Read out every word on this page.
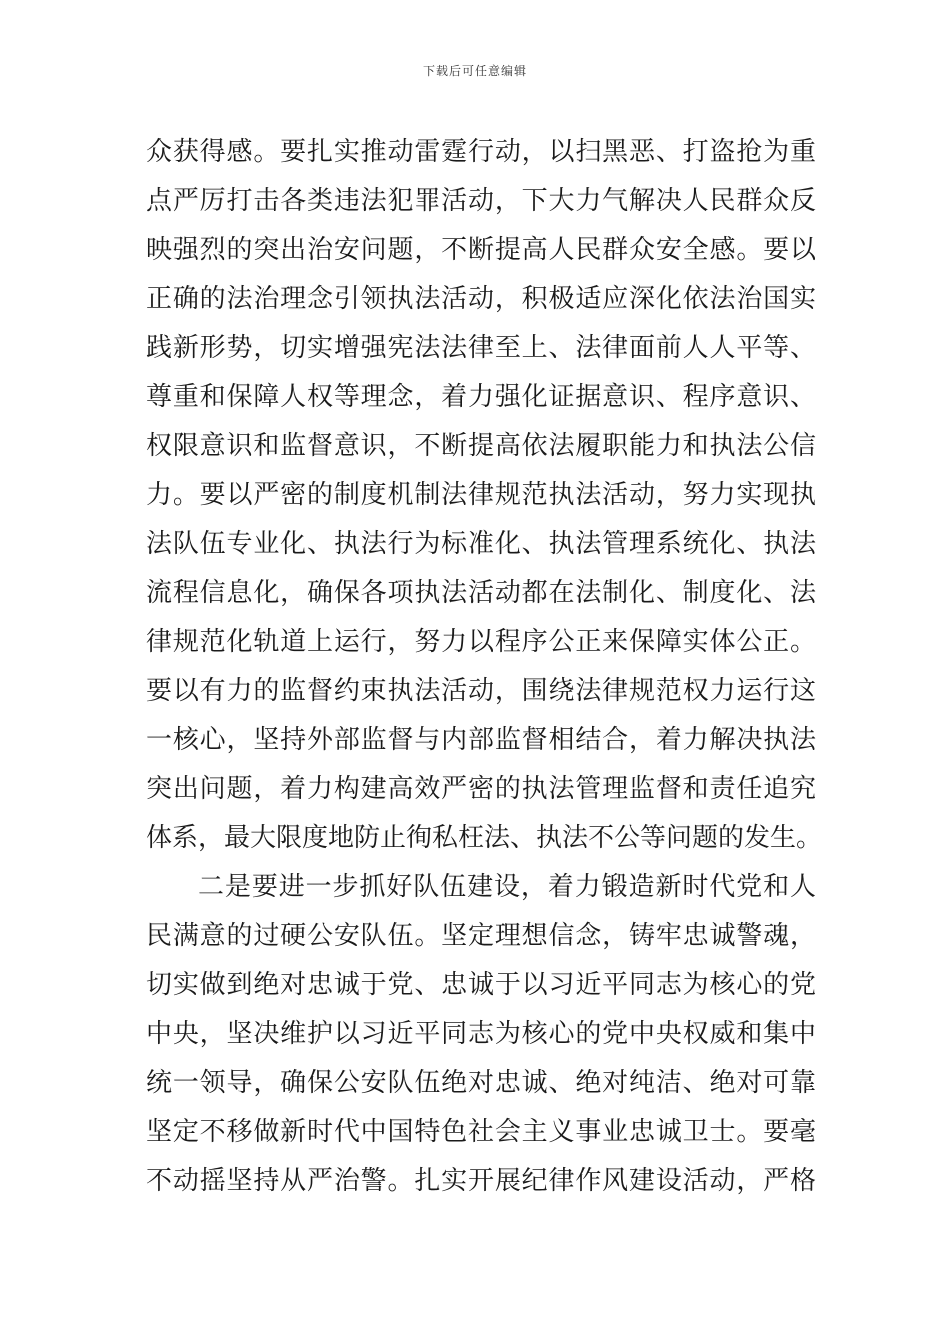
下载后可任意编辑
众获得感。要扎实推动雷霆行动，以扫黑恶、打盗抢为重
点严厉打击各类违法犯罪活动，下大力气解决人民群众反
映强烈的突出治安问题，不断提高人民群众安全感。要以
正确的法治理念引领执法活动，积极适应深化依法治国实
践新形势，切实增强宪法法律至上、法律面前人人平等、
尊重和保障人权等理念，着力强化证据意识、程序意识、
权限意识和监督意识，不断提高依法履职能力和执法公信
力。要以严密的制度机制法律规范执法活动，努力实现执
法队伍专业化、执法行为标准化、执法管理系统化、执法
流程信息化，确保各项执法活动都在法制化、制度化、法
律规范化轨道上运行，努力以程序公正来保障实体公正。
要以有力的监督约束执法活动，围绕法律规范权力运行这
一核心，坚持外部监督与内部监督相结合，着力解决执法
突出问题，着力构建高效严密的执法管理监督和责任追究
体系，最大限度地防止徇私枉法、执法不公等问题的发生。
二是要进一步抓好队伍建设，着力锻造新时代党和人
民满意的过硬公安队伍。坚定理想信念，铸牢忠诚警魂，
切实做到绝对忠诚于党、忠诚于以习近平同志为核心的党
中央，坚决维护以习近平同志为核心的党中央权威和集中
统一领导，确保公安队伍绝对忠诚、绝对纯洁、绝对可靠
坚定不移做新时代中国特色社会主义事业忠诚卫士。要毫
不动摇坚持从严治警。扎实开展纪律作风建设活动，严格
